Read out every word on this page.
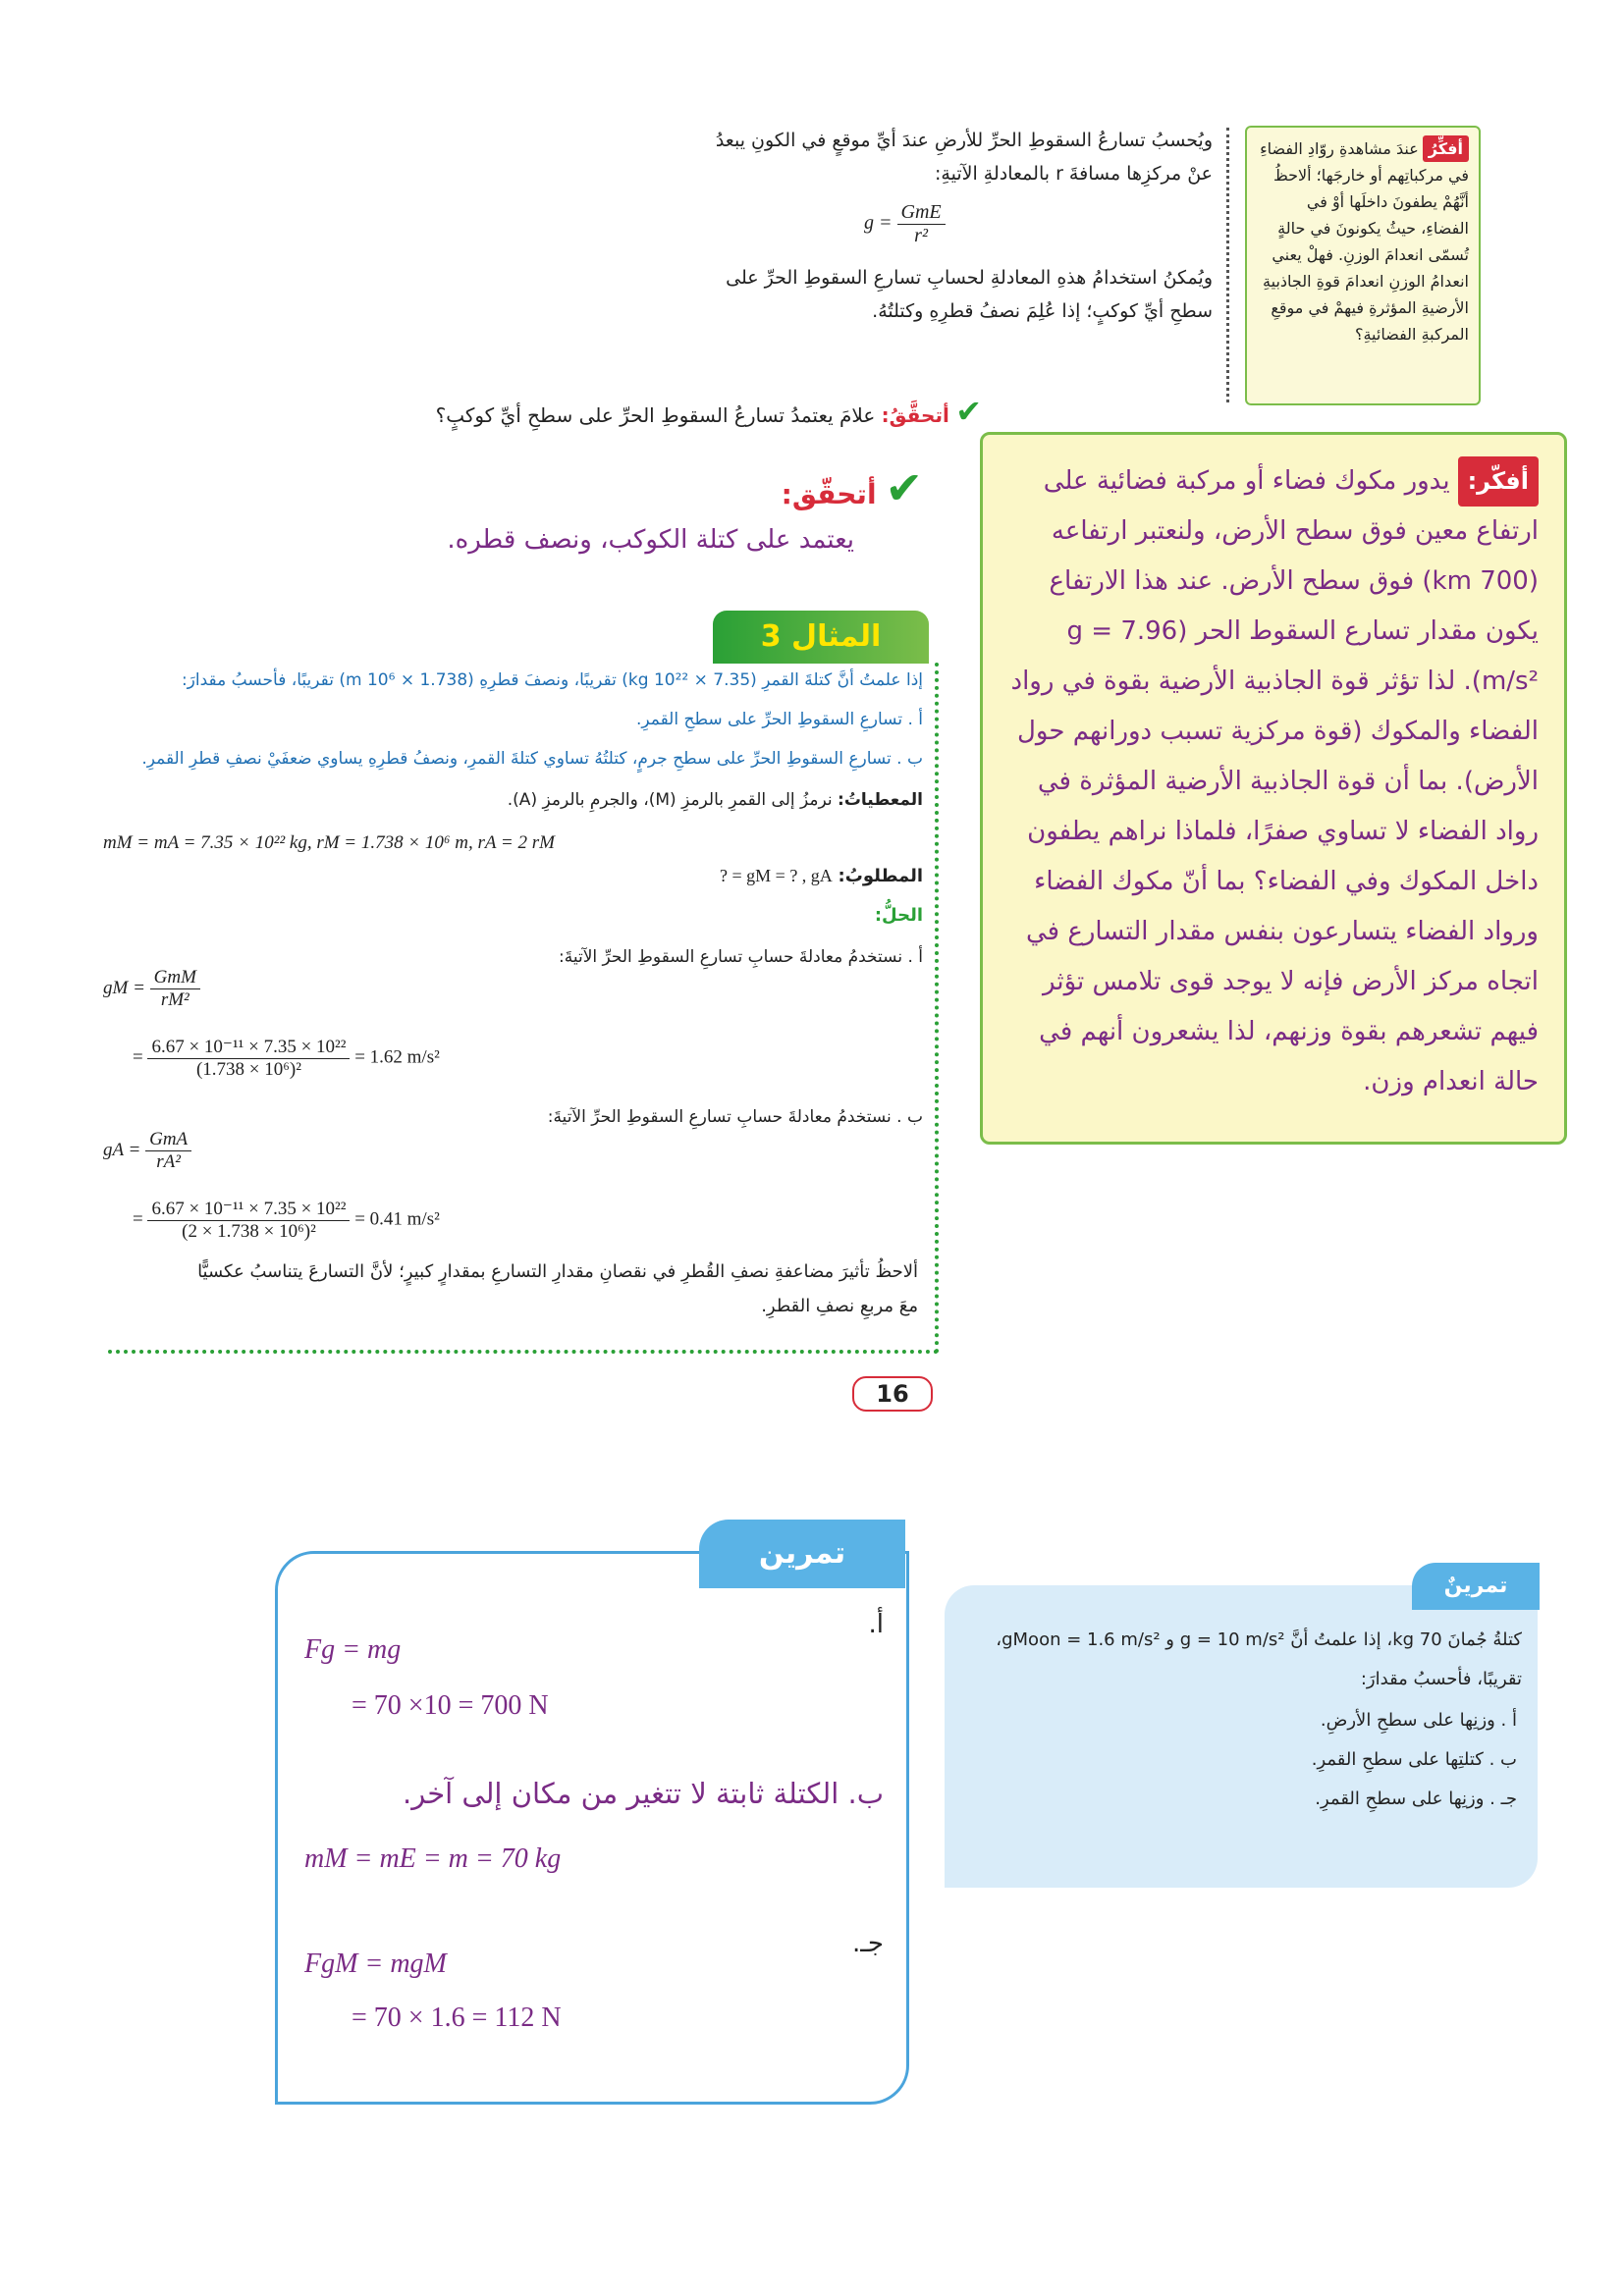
ويُحسبُ تسارعُ السقوطِ الحرِّ للأرضِ عندَ أيِّ موقعٍ في الكونِ يبعدُ
عنْ مركزِها مسافةَ r بالمعادلةِ الآتيةِ:
$g = \frac{\text{GmE}}{\text{r²}}$
ويُمكنُ استخدامُ هذهِ المعادلةِ لحسابِ تسارعِ السقوطِ الحرِّ على
سطحِ أيِّ كوكبٍ؛ إذا عُلِمَ نصفُ قطرِهِ وكتلتُهُ.
✔ أتحقَّقُ: علامَ يعتمدُ تسارعُ السقوطِ الحرِّ على سطحِ أيِّ كوكبٍ؟
أفكِّرُعندَ مشاهدةِ روّادِ الفضاءِ في مركباتِهم أو خارجَها؛ ألاحظُ أنَّهُمْ يطفونَ داخلَها أوْ في الفضاءِ، حيثُ يكونونَ في حالةٍ تُسمّى انعدامَ الوزنِ. فهلْ يعني انعدامُ الوزنِ انعدامَ قوةِ الجاذبيةِ الأرضيةِ المؤثرةِ فيهمْ في موقعِ المركبةِ الفضائيةِ؟
✔ أتحقّق:
يعتمد على كتلة الكوكب، ونصف قطره.
أفكّر:يدور مكوك فضاء أو مركبة فضائية على ارتفاع معين فوق سطح الأرض، ولنعتبر ارتفاعه (700 km) فوق سطح الأرض. عند هذا الارتفاع يكون مقدار تسارع السقوط الحر (g = 7.96 m/s²). لذا تؤثر قوة الجاذبية الأرضية بقوة في رواد الفضاء والمكوك (قوة مركزية تسبب دورانهم حول الأرض). بما أن قوة الجاذبية الأرضية المؤثرة في رواد الفضاء لا تساوي صفرًا، فلماذا نراهم يطفون داخل المكوك وفي الفضاء؟ بما أنّ مكوك الفضاء ورواد الفضاء يتسارعون بنفس مقدار التسارع في اتجاه مركز الأرض فإنه لا يوجد قوى تلامس تؤثر فيهم تشعرهم بقوة وزنهم، لذا يشعرون أنهم في حالة انعدام وزن.
المثال 3
إذا علمتُ أنَّ كتلةَ القمرِ (7.35 × 10²² kg) تقريبًا، ونصفَ قطرِهِ (1.738 × 10⁶ m) تقريبًا، فأحسبُ مقدارَ:
أ . تسارعِ السقوطِ الحرِّ على سطحِ القمرِ.
ب . تسارعِ السقوطِ الحرِّ على سطحِ جرمٍ، كتلتُهُ تساوي كتلةَ القمرِ، ونصفُ قطرِهِ يساوي ضعفَيْ نصفِ قطرِ القمرِ.
المعطياتُ: نرمزُ إلى القمرِ بالرمزِ (M)، والجرمِ بالرمزِ (A).
mM = mA = 7.35 × 10²² kg, rM = 1.738 × 10⁶ m, rA = 2 rM
المطلوبُ: gM = ? , gA = ?
الحلُّ:
أ . نستخدمُ معادلةَ حسابِ تسارعِ السقوطِ الحرِّ الآتيةَ:
gM = $\frac{\text{GmM}}{\text{rM²}}$
= $\frac{\text{6.67 × 10⁻¹¹ × 7.35 × 10²²}}{\text{(1.738 × 10⁶)²}} = 1.62$ m/s²
ب . نستخدمُ معادلةَ حسابِ تسارعِ السقوطِ الحرِّ الآتيةَ:
gA = $\frac{\text{GmA}}{\text{rA²}}$
= $\frac{\text{6.67 × 10⁻¹¹ × 7.35 × 10²²}}{\text{(2 × 1.738 × 10⁶)²}} = 0.41$ m/s²
ألاحظُ تأثيرَ مضاعفةِ نصفِ القُطرِ في نقصانِ مقدارِ التسارعِ بمقدارٍ كبيرٍ؛ لأنَّ التسارعَ يتناسبُ عكسيًّا
معَ مربعِ نصفِ القطرِ.
16
تمرين
أ.
Fg = mg
= 70 ×10 = 700 N
ب. الكتلة ثابتة لا تتغير من مكان إلى آخر.
mM = mE = m = 70 kg
جـ.
FgM = mgM
= 70 × 1.6 = 112 N
تمرينٌ
كتلةُ جُمانَ 70 kg، إذا علمتُ أنَّ g = 10 m/s² و gMoon = 1.6 m/s²،
تقريبًا، فأحسبُ مقدارَ:
أ . وزنِها على سطحِ الأرضِ.
ب . كتلتِها على سطحِ القمرِ.
جـ . وزنِها على سطحِ القمرِ.
